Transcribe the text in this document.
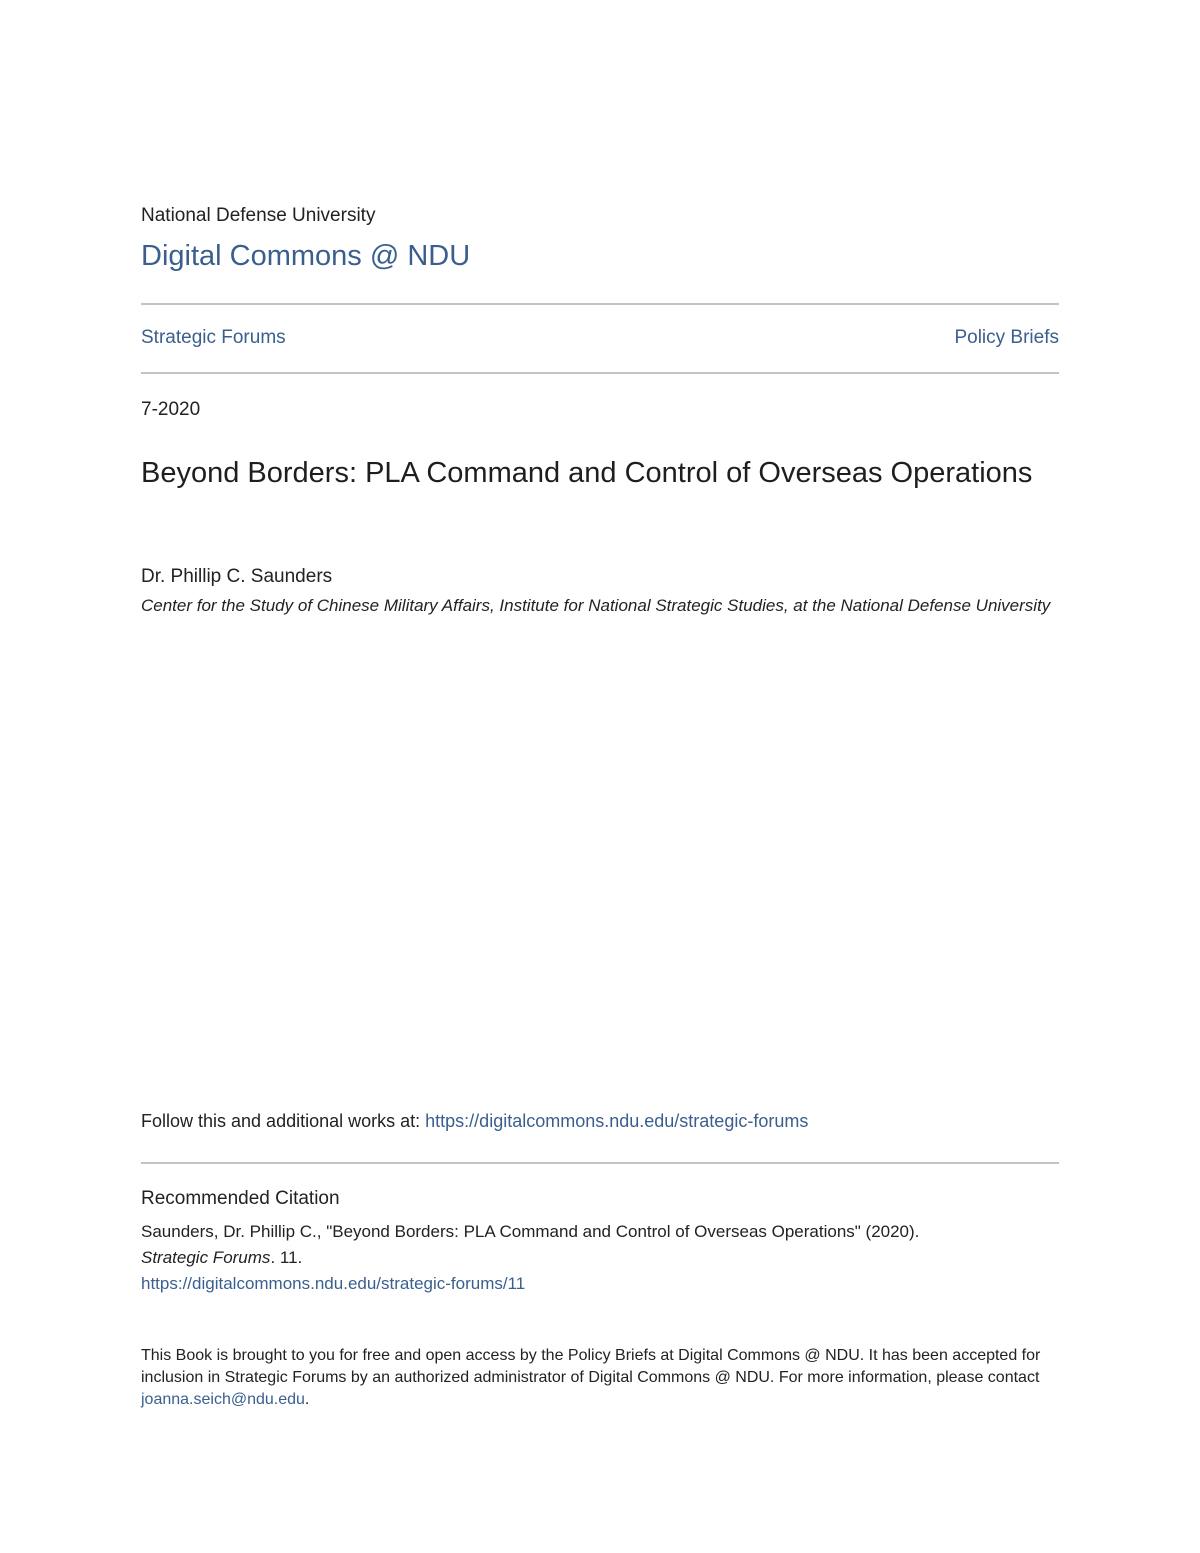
National Defense University
Digital Commons @ NDU
Strategic Forums	Policy Briefs
7-2020
Beyond Borders: PLA Command and Control of Overseas Operations
Dr. Phillip C. Saunders
Center for the Study of Chinese Military Affairs, Institute for National Strategic Studies, at the National Defense University
Follow this and additional works at: https://digitalcommons.ndu.edu/strategic-forums
Recommended Citation
Saunders, Dr. Phillip C., "Beyond Borders: PLA Command and Control of Overseas Operations" (2020).
Strategic Forums. 11.
https://digitalcommons.ndu.edu/strategic-forums/11
This Book is brought to you for free and open access by the Policy Briefs at Digital Commons @ NDU. It has been accepted for inclusion in Strategic Forums by an authorized administrator of Digital Commons @ NDU. For more information, please contact joanna.seich@ndu.edu.
